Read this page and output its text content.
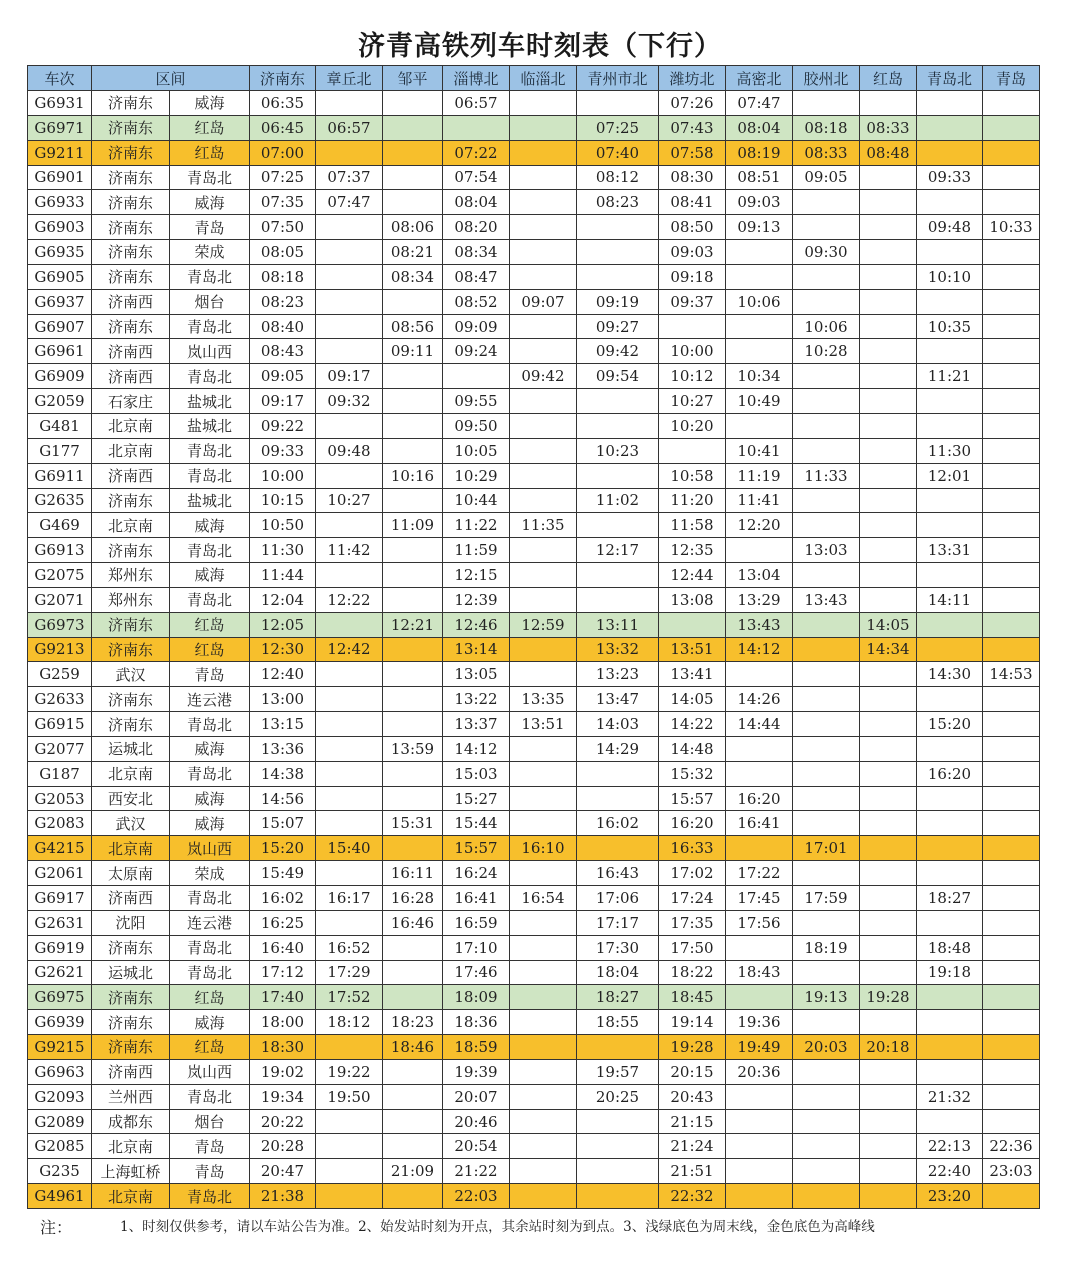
济青高铁列车时刻表（下行）
车次	区间		济南东	章丘北	邹平	淄博北	临淄北	青州市北	潍坊北	高密北	胶州北	红岛	青岛北	青岛
G6931	济南东	威海	06:35			06:57			07:26	07:47				
G6971	济南东	红岛	06:45	06:57				07:25	07:43	08:04	08:18	08:33		
G9211	济南东	红岛	07:00			07:22		07:40	07:58	08:19	08:33	08:48		
G6901	济南东	青岛北	07:25	07:37		07:54		08:12	08:30	08:51	09:05		09:33	
G6933	济南东	威海	07:35	07:47		08:04		08:23	08:41	09:03				
G6903	济南东	青岛	07:50		08:06	08:20			08:50	09:13			09:48	10:33
G6935	济南东	荣成	08:05		08:21	08:34			09:03		09:30			
G6905	济南东	青岛北	08:18		08:34	08:47			09:18				10:10	
G6937	济南西	烟台	08:23			08:52	09:07	09:19	09:37	10:06				
G6907	济南东	青岛北	08:40		08:56	09:09		09:27			10:06		10:35	
G6961	济南西	岚山西	08:43		09:11	09:24		09:42	10:00		10:28			
G6909	济南西	青岛北	09:05	09:17			09:42	09:54	10:12	10:34			11:21	
G2059	石家庄	盐城北	09:17	09:32		09:55			10:27	10:49				
G481	北京南	盐城北	09:22			09:50			10:20					
G177	北京南	青岛北	09:33	09:48		10:05		10:23		10:41			11:30	
G6911	济南西	青岛北	10:00		10:16	10:29			10:58	11:19	11:33		12:01	
G2635	济南东	盐城北	10:15	10:27		10:44		11:02	11:20	11:41				
G469	北京南	威海	10:50		11:09	11:22	11:35		11:58	12:20				
G6913	济南东	青岛北	11:30	11:42		11:59		12:17	12:35		13:03		13:31	
G2075	郑州东	威海	11:44			12:15			12:44	13:04				
G2071	郑州东	青岛北	12:04	12:22		12:39			13:08	13:29	13:43		14:11	
G6973	济南东	红岛	12:05		12:21	12:46	12:59	13:11		13:43		14:05		
G9213	济南东	红岛	12:30	12:42		13:14		13:32	13:51	14:12		14:34		
G259	武汉	青岛	12:40			13:05		13:23	13:41				14:30	14:53
G2633	济南东	连云港	13:00			13:22	13:35	13:47	14:05	14:26				
G6915	济南东	青岛北	13:15			13:37	13:51	14:03	14:22	14:44			15:20	
G2077	运城北	威海	13:36		13:59	14:12		14:29	14:48					
G187	北京南	青岛北	14:38			15:03			15:32				16:20	
G2053	西安北	威海	14:56			15:27			15:57	16:20				
G2083	武汉	威海	15:07		15:31	15:44		16:02	16:20	16:41				
G4215	北京南	岚山西	15:20	15:40		15:57	16:10		16:33		17:01			
G2061	太原南	荣成	15:49		16:11	16:24		16:43	17:02	17:22				
G6917	济南西	青岛北	16:02	16:17	16:28	16:41	16:54	17:06	17:24	17:45	17:59		18:27	
G2631	沈阳	连云港	16:25		16:46	16:59		17:17	17:35	17:56				
G6919	济南东	青岛北	16:40	16:52		17:10		17:30	17:50		18:19		18:48	
G2621	运城北	青岛北	17:12	17:29		17:46		18:04	18:22	18:43			19:18	
G6975	济南东	红岛	17:40	17:52		18:09		18:27	18:45		19:13	19:28		
G6939	济南东	威海	18:00	18:12	18:23	18:36		18:55	19:14	19:36				
G9215	济南东	红岛	18:30		18:46	18:59			19:28	19:49	20:03	20:18		
G6963	济南西	岚山西	19:02	19:22		19:39		19:57	20:15	20:36				
G2093	兰州西	青岛北	19:34	19:50		20:07		20:25	20:43				21:32	
G2089	成都东	烟台	20:22			20:46			21:15					
G2085	北京南	青岛	20:28			20:54			21:24				22:13	22:36
G235	上海虹桥	青岛	20:47		21:09	21:22			21:51				22:40	23:03
G4961	北京南	青岛北	21:38			22:03			22:32				23:20	
注：	1、时刻仅供参考，请以车站公告为准。2、始发站时刻为开点，其余站时刻为到点。3、浅绿底色为周末线，金色底色为高峰线
